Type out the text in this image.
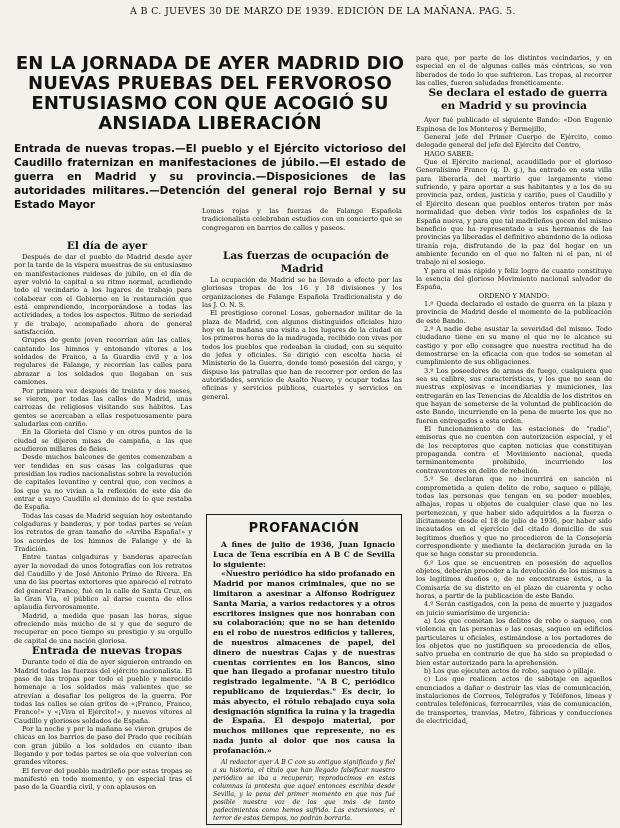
A B C. JUEVES 30 DE MARZO DE 1939. EDICIÓN DE LA MAÑANA. PAG. 5.
EN LA JORNADA DE AYER MADRID DIO NUEVAS PRUEBAS DEL FERVOROSO ENTUSIASMO CON QUE ACOGIÓ SU ANSIADA LIBERACIÓN
Entrada de nuevas tropas.—El pueblo y el Ejército victorioso del Caudillo fraternizan en manifestaciones de júbilo.—El estado de guerra en Madrid y su provincia.—Disposiciones de las autoridades militares.—Detención del general rojo Bernal y su Estado Mayor

El día de ayer

Después de dar el pueblo de Madrid desde ayer por la tarde de la víspera muestras de su entusiasmo en manifestaciones ruidosas de júbilo, en el día de ayer volvió la capital a su ritmo normal, acudiendo todo el vecindario a los lugares de trabajo para colaborar con el Gobierno en la restauración que está emprendiendo, incorporándose a todas las actividades, a todos los aspectos. Ritmo de seriedad y de trabajo, acompañado ahora de general satisfacción.

Grupos de gente joven recorrían aún las calles, cantando los himnos y entonando vítores a los soldados de Franco, a la Guardia civil y a los regulares de Falange, y recorrían las calles para abrazar a los soldados que llegaban en sus camiones.

Por primera vez después de treinta y dos meses, se vieron, por todas las calles de Madrid, unas carrozas de religiosos visitando sus hábitos. Las gentes se acercaban a ellas respetuosamente para saludarlas con cariño.

En la Glorieta del Cisne y en otros puntos de la ciudad se dijeron misas de campaña, a las que acudieron millares de fieles.

Desde muchos balcones de gentes comenzaban a ver tendidas en sus casas las colgaduras que presidían los radios nacionalistas sobre la revolución de capitales levantino y central que, con vecinos a los que ya no vivían a la reflexión de este día de entrar a suyo Caudillo el dominio de lo que restaba de España.

Todas las casas de Madrid seguían hoy ostentando colgaduras y banderas, y por todas partes se veían los retratos de gran tamaño de «Arriba España!» y los acordes de los himnos de Falange y de la Tradición.

Entre tantas colgaduras y banderas aparecían ayer la novedad de unos fotografías con los retratos del Caudillo y de José Antonio Primo de Rivera. En una de las puertas exteriores que apareció el retrato del general Franco, fué en la calle de Santa Cruz, en la Gran Vía, el público al darse cuenta de ellos aplaudía fervorosamente.

Madrid, a medida que pasan las horas, sigue ofreciendo más mucho de si y que de seguro de recuperar en poco tiempo su prestigio y su orgullo de capital de una nación gloriosa.

Entrada de nuevas tropas

Durante todo el día de ayer siguieron entrando en Madrid todas las fuerzas del ejército nacionalista. El paso de las tropas por todo el pueblo y merecido homenaje a los soldados más valientes que se atrevían a desafiar los peligros de la guerra. Por todas las calles se oían gritos de «¡Franco, Franco, Franco!» y «¡Viva el Ejército!», y nuevos vítores al Caudillo y gloriosos soldados de España.

Por la noche y por la mañana se vieron grupos de chicas en los barrios de paso del Prado que recibían con gran júbilo a los soldados en cuanto iban llegando y por todas partes se oía que volverían con grandes vítores.

El fervor del pueblo madrileño por estas tropas se manifestó en todo momento, y en especial tras el paso de la Guardia civil, y con aplausos en

Lomas rojas y las fuerzas de Falange Española tradicionalista celebraban estudios con un concierto que se congregaron en barrios de calles y paseos.

Las fuerzas de ocupación de Madrid

La ocupación de Madrid se ha llevado a efecto por las gloriosas tropas de los 16 y 18 divisiones y los organizaciones de Falange Española Tradicionalista y de las J. O. N. S.

El prestigioso coronel Losas, gobernador militar de la plaza de Madrid, con algunos distinguidos oficiales hizo hoy en la mañana una visita a los lugares de la ciudad en los primeros horas de la madrugada, recibido con vivas por todos los pueblos que rodeaban la ciudad, con su séquito de jefes y oficiales. Se dirigió con escolta hacia el Ministerio de la Guerra, donde tomó posesión del cargo, y dispuso las patrullas que han de recorrer por orden de las autoridades, servicio de Asalto Nuevo, y ocupar todas las oficinas y servicios públicos, cuarteles y servicios en general.

PROFANACIÓN

A fines de julio de 1936, Juan Ignacio Luca de Tena escribía en A B C de Sevilla lo siguiente:

«Nuestro periódico ha sido profanado en Madrid por manos criminales, que no se limitaron a asesinar a Alfonso Rodríguez Santa María, a varios redactores y a otros escritores insignes que nos honraban con su colaboración; que no se han detenido en el robo de nuestros edificios y talleres, de nuestros almacenes de papel, del dinero de nuestras Cajas y de nuestras cuentas corrientes en los Bancos, sino que han llegado a profanar nuestro título registrado legalmente. "A B C, periódico republicano de izquierdas." Es decir, lo más abyecto, el rótulo rebajado cuya sola designación significa la ruina y la tragedia de España. El despojo material, por muchos millones que represente, no es nada junto al dolor que nos causa la profanación.»

Al redactor ayer A B C con su antiguo significado y fiel a su historia, el título que han llegado falsificar nuestro periódico se iba a recuperar, reproducimos en estas columnas la protesta que aquel entonces escribía desde Sevilla, y la pena del primer momento en que nos fué posible nuestra voz de los que más de tanto padecimientos como hemos sufrido. Las extorsiones, el terror de estos tiempos, no podrán borrarla.

para que, por parte de los distintos vecindarios, y en especial en el de algunas calles más céntricas, se ven liberados de todo lo que sufrieron. Las tropas, al recorrer las calles, fueron saludadas frenéticamente.

Se declara el estado de guerra en Madrid y su provincia

Ayer fué publicado el siguiente Bando: «Don Eugenio Espinosa de los Monteros y Bermejillo,

General jefe del Primer Cuerpo de Ejército, como delegado general del jefe del Ejército del Centro,

HAGO SABER:

Que el Ejército nacional, acaudillado por el glorioso Generalísimo Franco (q. D. g.), ha entrado en esta villa para liberarla del martirio que largamente viene sufriendo, y para aportar a sus habitantes y a los de su provincia paz, orden, justicia y cariño, pues el Caudillo y el Ejército desean que pueblos enteros traten por más normalidad que deben vivir todos los españoles de la España nueva, y para que tal madrileños gocen del mismo beneficio que ha representado a sus hermanos de las provincias ya liberadas el definitivo abandono de la odiosa tiranía roja, disfrutando de la paz del hogar en un ambiente fecundo en el que no falten ni el pan, ni el trabajo ni el sosiego.

Y para el más rápido y feliz logro de cuanto constituye la esencia del glorioso Movimiento nacional salvador de España,

ORDENO Y MANDO:

1.º Queda declarado el estado de guerra en la plaza y provincia de Madrid desde el momento de la publicación de este Bando.

2.º A nadie debe asustar la severidad del mismo. Todo ciudadano tiene en su mano el que no le alcance su castigo y por ello consagre que nuestra rectitud ha de demostrarse en la eficacia con que todos se sometan al cumplimiento de sus obligaciones.

3.º Los poseedores de armas de fuego, cualquiera que sea su calibre, sus características, y los que no sean de nuestras explosivas e incendiarias y municiones, las entregarán en las Tenencias de Alcaldía de los distritos en que hayan de someterse de la voluntad de publicación de este Bando, incurriendo en la pena de muerte los que no fueren entregados a esta orden.

El funcionamiento de las estaciones de "radio", emisoras que no cuenten con autorización especial, y el de los receptores que capten noticias que constituyan propaganda contra el Movimiento nacional, queda terminantemente prohibido, incurriendo los contraventores en delito de rebelión.

5.º Se declaran que no incurrirá en sanción ni comprometida a quien delito de robo, saqueo o pillaje, todas las personas que tengan en su poder muebles, alhajas, ropas u objetos de cualquier clase que no les pertenezcan, y que haber sido adquiridos a la fuerza o ilícitamente desde el 18 de julio de 1936, por haber sido incautados en el ejercicio del citado domicilio de sus legítimos dueños y que no procedieron de la Consejería correspondiente y mediante la declaración jurada en la que se haga constar su procedencia.

6.º Los que se encuentren en posesión de aquellos objetos, deberán proceder a la devolución de los mismos a los legítimos dueños o, de no encontrarse éstos, a la Comisaría de su distrito en el plazo de cuarenta y ocho horas, a partir de la publicación de este Bando.

4.º Serán castigados, con la pena de muerte y juzgados en juicio sumarísimo de urgencia:

a) Los que cometan los delitos de robo o saqueo, con violencia en las personas o las cosas, saqueo en edificios particulares u oficiales, estimándose a los portadores de los objetos que no justifiquen su procedencia de ellos, salvo prueba en contrario de que ha sido su propiedad o bien estar autorizado para la aprehensión.

b) Los que ejecuten actos de robo, saqueo o pillaje.

c) Los que realicen actos de sabotaje en aquellos enunciados a dañar o destruir las vías de comunicación, instalaciones de Correos, Telégrafos y Teléfonos, líneas y centrales telefónicas, ferrocarriles, vías de comunicación, de transportes, tranvías, Metro, fábricas y conducciones de electricidad,
